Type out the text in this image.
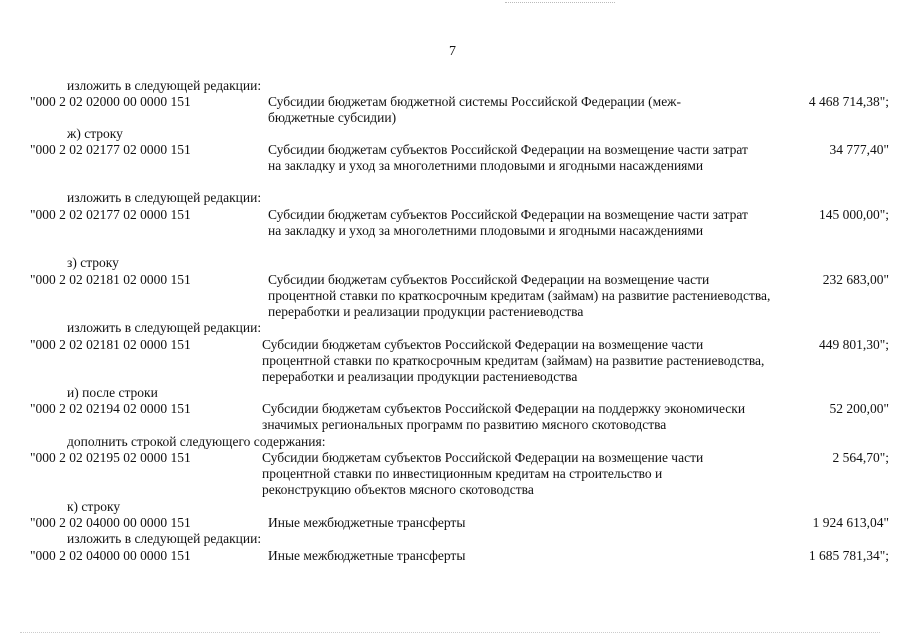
7
изложить в следующей редакции:
"000 2 02 02000 00 0000 151	Субсидии бюджетам бюджетной системы Российской Федерации (меж-бюджетные субсидии)
4 468 714,38";
ж) строку
"000 2 02 02177 02 0000 151	Субсидии бюджетам субъектов Российской Федерации на возмещение части затрат на закладку и уход за многолетними плодовыми и ягодными насаждениями
34 777,40"
изложить в следующей редакции:
"000 2 02 02177 02 0000 151	Субсидии бюджетам субъектов Российской Федерации на возмещение части затрат на закладку и уход за многолетними плодовыми и ягодными насаждениями
145 000,00";
з) строку
"000 2 02 02181 02 0000 151	Субсидии бюджетам субъектов Российской Федерации на возмещение части процентной ставки по краткосрочным кредитам (займам) на развитие растениеводства, переработки и реализации продукции растениеводства
232 683,00"
изложить в следующей редакции:
"000 2 02 02181 02 0000 151	Субсидии бюджетам субъектов Российской Федерации на возмещение части процентной ставки по краткосрочным кредитам (займам) на развитие растениеводства, переработки и реализации продукции растениеводства
449 801,30";
и) после строки
"000 2 02 02194 02 0000 151	Субсидии бюджетам субъектов Российской Федерации на поддержку экономически значимых региональных программ по развитию мясного скотоводства
52 200,00"
дополнить строкой следующего содержания:
"000 2 02 02195 02 0000 151	Субсидии бюджетам субъектов Российской Федерации на возмещение части процентной ставки по инвестиционным кредитам на строительство и реконструкцию объектов мясного скотоводства
2 564,70";
к) строку
"000 2 02 04000 00 0000 151	Иные межбюджетные трансферты	1 924 613,04"
изложить в следующей редакции:
"000 2 02 04000 00 0000 151	Иные межбюджетные трансферты	1 685 781,34";
